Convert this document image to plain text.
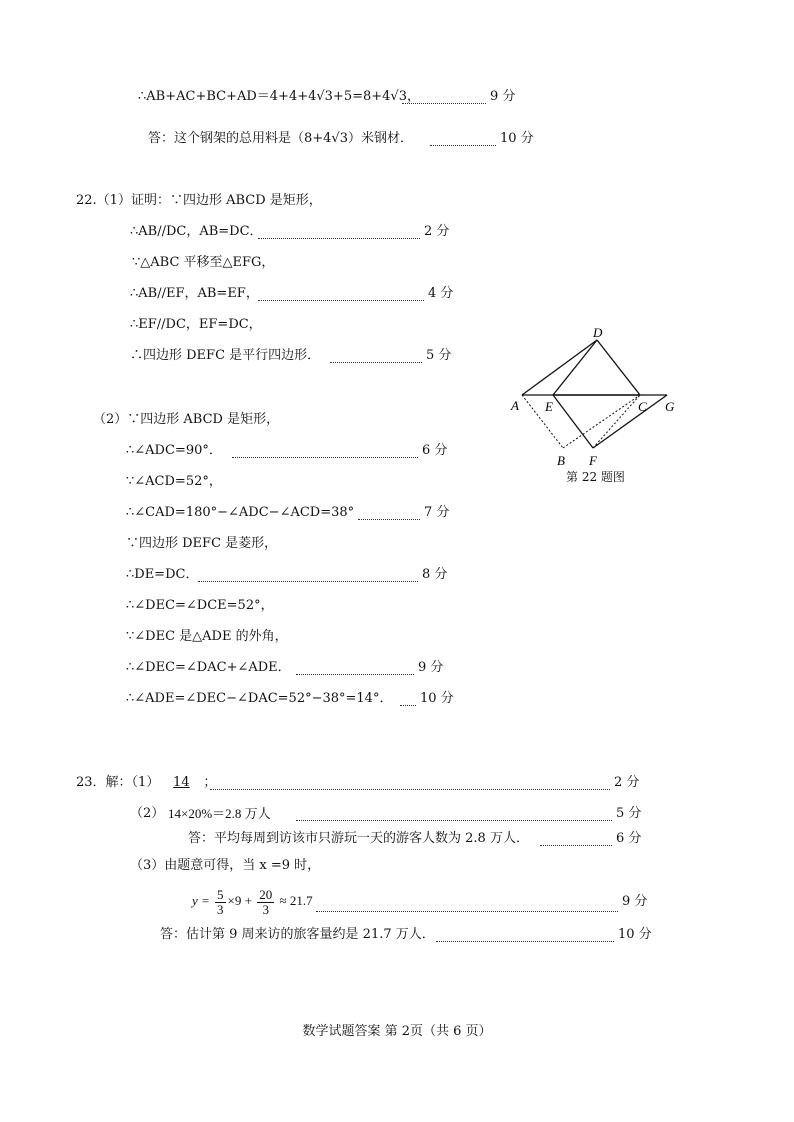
∴AB+AC+BC+AD＝4+4+4√3+5=8+4√3，	9 分
答：这个钢架的总用料是（8+4√3）米钢材．	10 分
22.（1）证明：∵四边形 ABCD 是矩形，
∴AB//DC，AB=DC．	2 分
∵△ABC 平移至△EFG，
∴AB//EF，AB=EF，	4 分
∴EF//DC，EF=DC，
∴四边形 DEFC 是平行四边形．	5 分
D
A E	C G
B F
第 22 题图
（2）∵四边形 ABCD 是矩形，
∴∠ADC=90°．	6 分
∵∠ACD=52°，
∴∠CAD=180°−∠ADC−∠ACD=38°	7 分
∵四边形 DEFC 是菱形，
∴DE=DC．	8 分
∴∠DEC=∠DCE=52°，
∵∠DEC 是△ADE 的外角，
∴∠DEC=∠DAC+∠ADE．	9 分
∴∠ADE=∠DEC−∠DAC=52°−38°=14°． 10 分
23．解：（1） 14 ；	2 分
（2） 14×20%＝2.8 万人	5 分
答：平均每周到访该市只游玩一天的游客人数为 2.8 万人．	6 分
（3）由题意可得，当 x =9 时，
$y = \frac{5}{3} \times 9 + \frac{20}{3} \approx 21.7$	9 分
答：估计第 9 周来访的旅客量约是 21.7 万人．	10 分
数学试题答案 第 2页（共 6 页）
